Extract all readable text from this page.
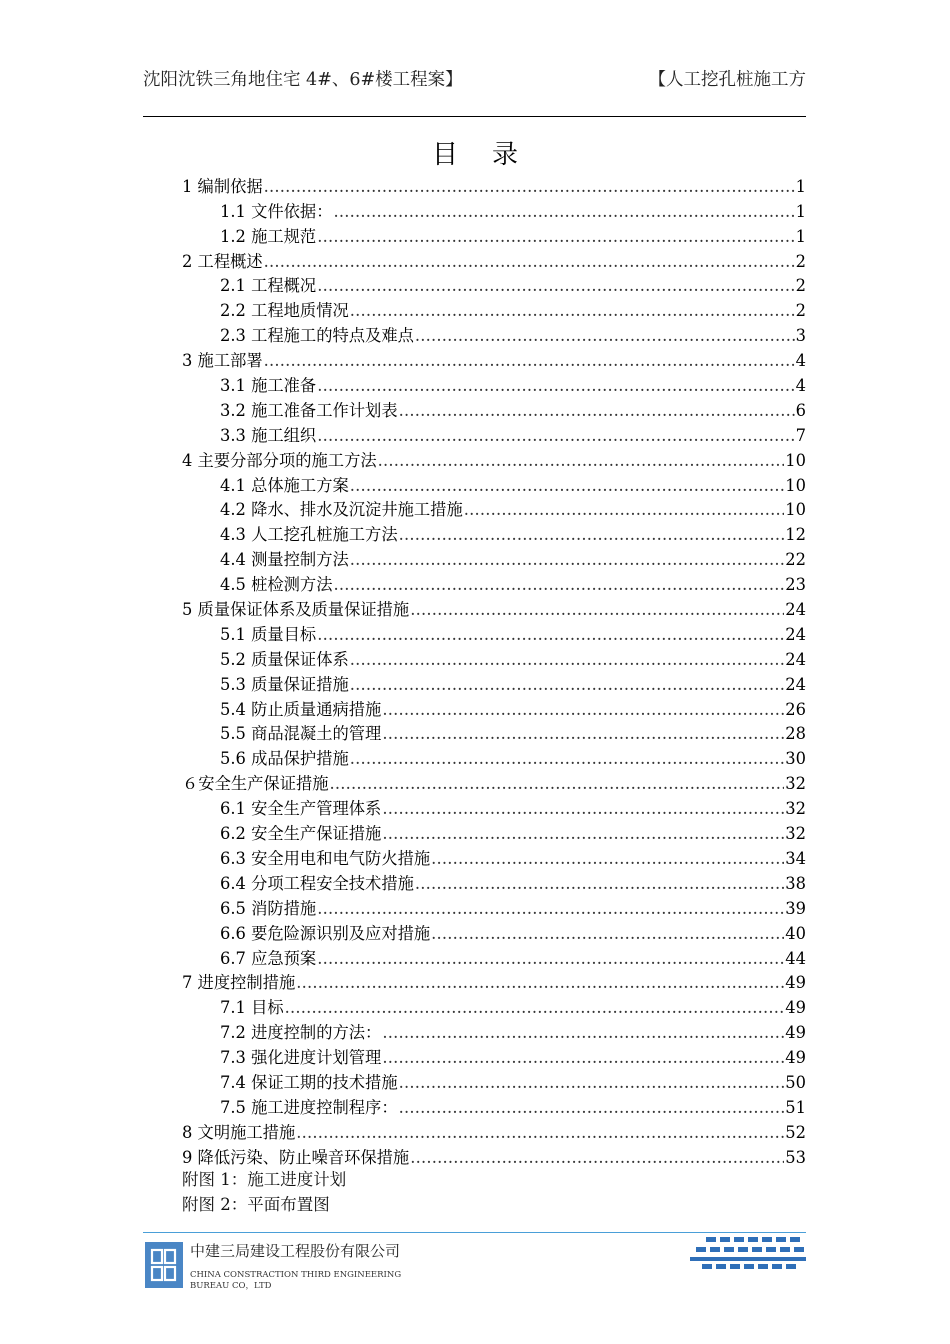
沈阳沈铁三角地住宅 4#、6#楼工程案】	【人工挖孔桩施工方
目录
1 编制依据 .....	1
1.1 文件依据： .....	1
1.2 施工规范 .....	1
2 工程概述 .....	2
2.1 工程概况 .....	2
2.2 工程地质情况 .....	2
2.3 工程施工的特点及难点 .....	3
3 施工部署 .....	4
3.1 施工准备 .....	4
3.2 施工准备工作计划表 .....	6
3.3 施工组织 .....	7
4 主要分部分项的施工方法 .....	10
4.1 总体施工方案 .....	10
4.2 降水、排水及沉淀井施工措施 .....	10
4.3 人工挖孔桩施工方法 .....	12
4.4 测量控制方法 .....	22
4.5 桩检测方法 .....	23
5 质量保证体系及质量保证措施 .....	24
5.1 质量目标 .....	24
5.2 质量保证体系 .....	24
5.3 质量保证措施 .....	24
5.4 防止质量通病措施 .....	26
5.5 商品混凝土的管理 .....	28
5.6 成品保护措施 .....	30
６安全生产保证措施 .....	32
6.1 安全生产管理体系 .....	32
6.2 安全生产保证措施 .....	32
6.3 安全用电和电气防火措施 .....	34
6.4 分项工程安全技术措施 .....	38
6.5 消防措施 .....	39
6.6 要危险源识别及应对措施 .....	40
6.7 应急预案 .....	44
7 进度控制措施 .....	49
7.1 目标 .....	49
7.2 进度控制的方法： .....	49
7.3 强化进度计划管理 .....	49
7.4 保证工期的技术措施 .....	50
7.5 施工进度控制程序： .....	51
8 文明施工措施 .....	52
9 降低污染、防止噪音环保措施 .....	53
附图 1：施工进度计划
附图 2：平面布置图
中建三局建设工程股份有限公司
CHINA CONSTRACTION THIRD ENGINEERING BUREAU CO，LTD
